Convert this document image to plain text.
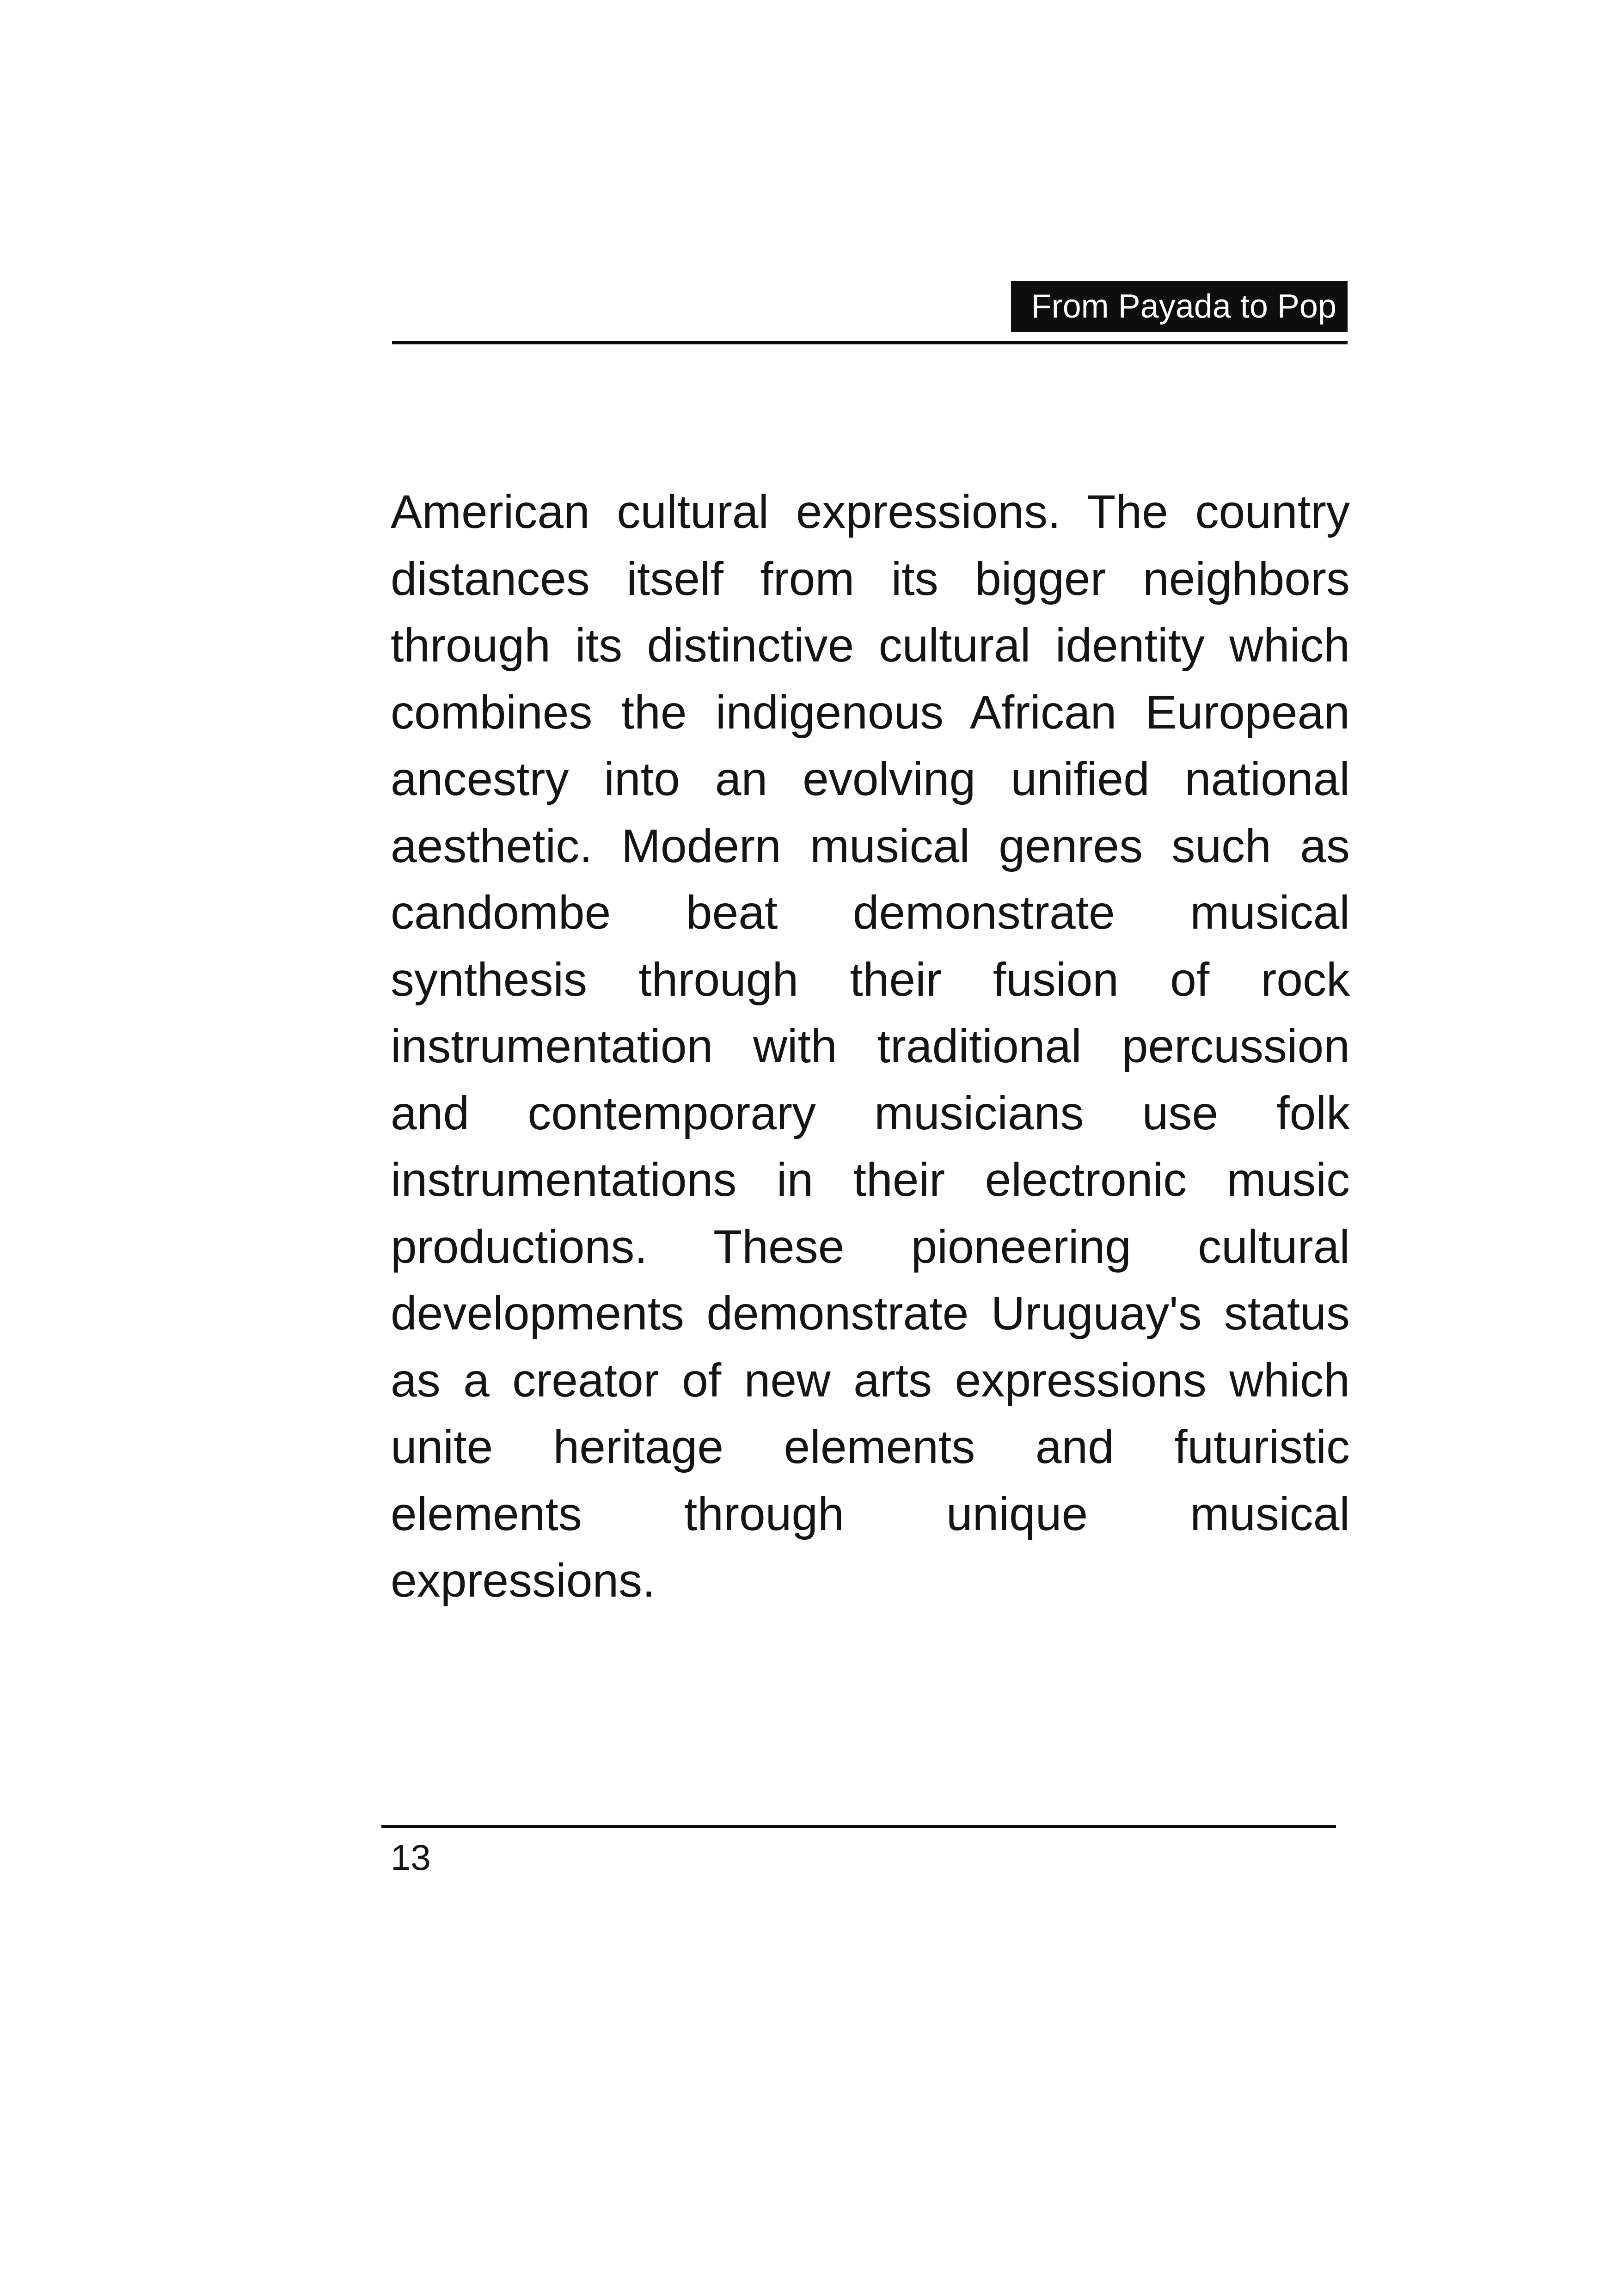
From Payada to Pop

American cultural expressions. The country distances itself from its bigger neighbors through its distinctive cultural identity which combines the indigenous African European ancestry into an evolving unified national aesthetic. Modern musical genres such as candombe beat demonstrate musical synthesis through their fusion of rock instrumentation with traditional percussion and contemporary musicians use folk instrumentations in their electronic music productions. These pioneering cultural developments demonstrate Uruguay's status as a creator of new arts expressions which unite heritage elements and futuristic elements through unique musical expressions.

13
